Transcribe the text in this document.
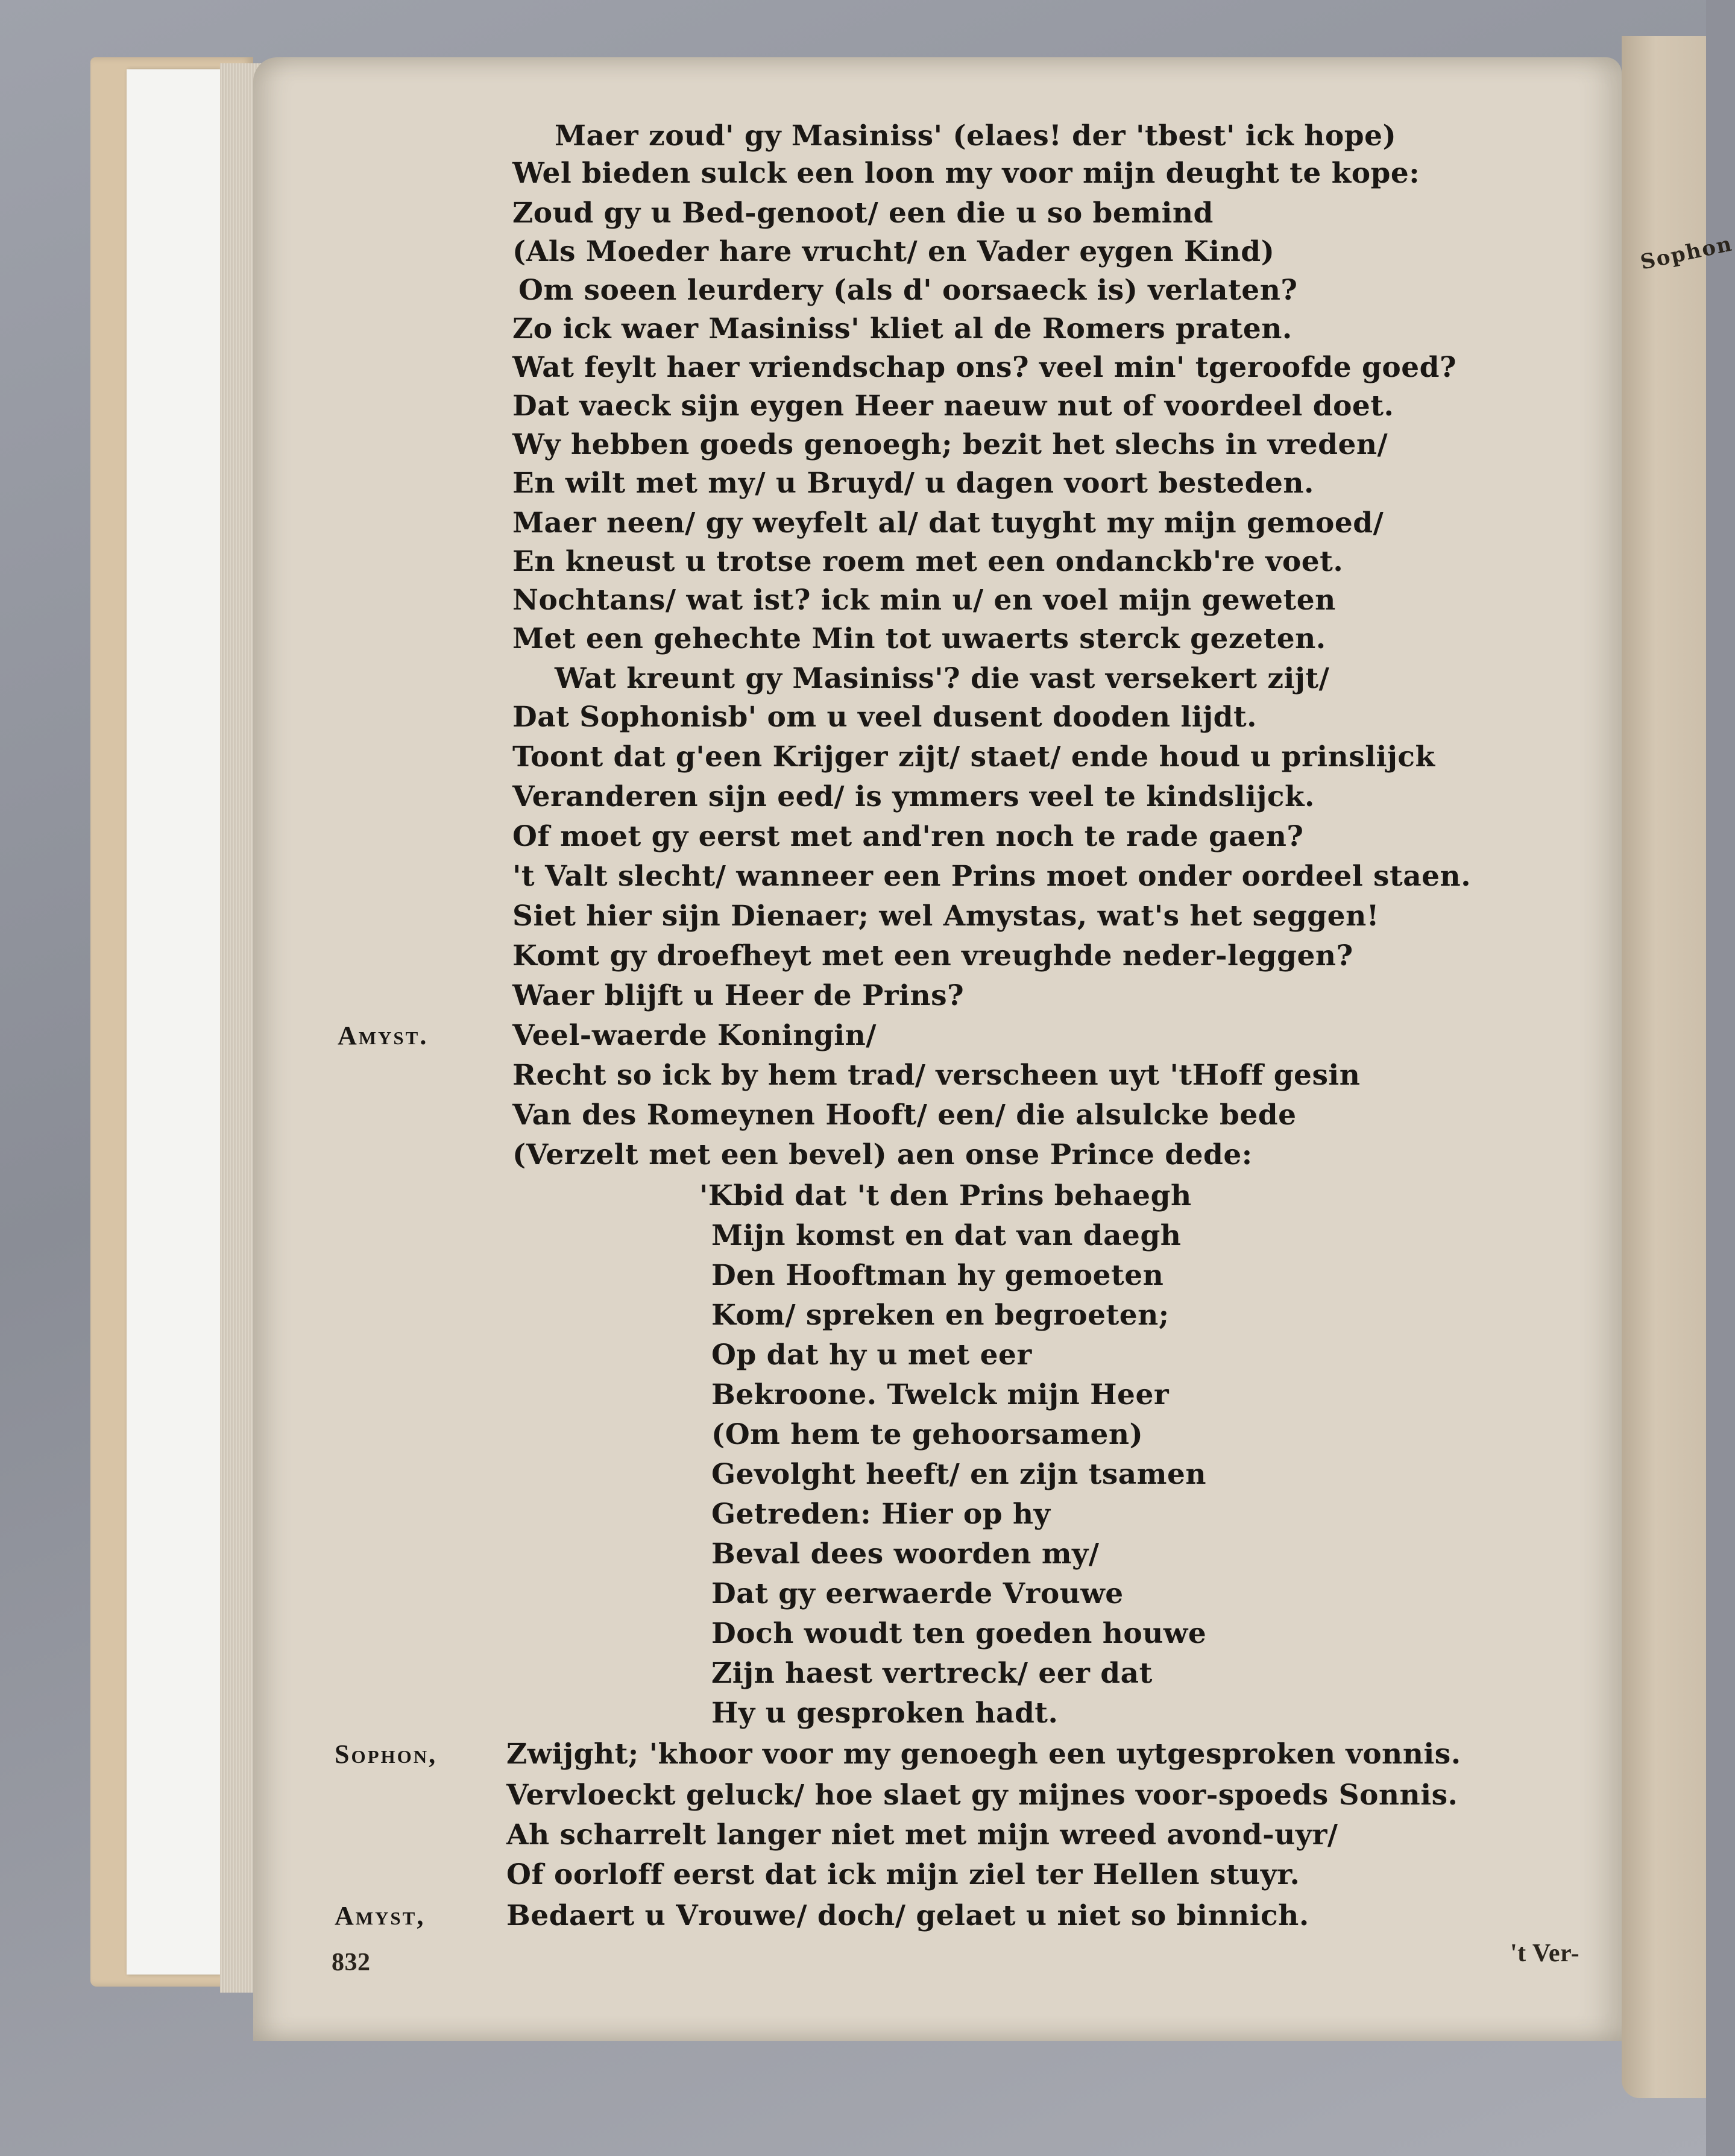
Sophon
Maer zoud' gy Masiniss' (elaes! der 'tbest' ick hope)
Wel bieden sulck een loon my voor mijn deught te kope:
Zoud gy u Bed-genoot/ een die u so bemind
(Als Moeder hare vrucht/ en Vader eygen Kind)
Om soeen leurdery (als d' oorsaeck is) verlaten?
Zo ick waer Masiniss' kliet al de Romers praten.
Wat feylt haer vriendschap ons? veel min' tgeroofde goed?
Dat vaeck sijn eygen Heer naeuw nut of voordeel doet.
Wy hebben goeds genoegh; bezit het slechs in vreden/
En wilt met my/ u Bruyd/ u dagen voort besteden.
Maer neen/ gy weyfelt al/ dat tuyght my mijn gemoed/
En kneust u trotse roem met een ondanckb're voet.
Nochtans/ wat ist? ick min u/ en voel mijn geweten
Met een gehechte Min tot uwaerts sterck gezeten.
Wat kreunt gy Masiniss'? die vast versekert zijt/
Dat Sophonisb' om u veel dusent dooden lijdt.
Toont dat g'een Krijger zijt/ staet/ ende houd u prinslijck
Veranderen sijn eed/ is ymmers veel te kindslijck.
Of moet gy eerst met and'ren noch te rade gaen?
't Valt slecht/ wanneer een Prins moet onder oordeel staen.
Siet hier sijn Dienaer; wel Amystas, wat's het seggen!
Komt gy droefheyt met een vreughde neder-leggen?
Waer blijft u Heer de Prins?
Amyst.	Veel-waerde Koningin/
Recht so ick by hem trad/ verscheen uyt 'tHoff gesin
Van des Romeynen Hooft/ een/ die alsulcke bede
(Verzelt met een bevel) aen onse Prince dede:
'Kbid dat 't den Prins behaegh
Mijn komst en dat van daegh
Den Hooftman hy gemoeten
Kom/ spreken en begroeten;
Op dat hy u met eer
Bekroone. Twelck mijn Heer
(Om hem te gehoorsamen)
Gevolght heeft/ en zijn tsamen
Getreden: Hier op hy
Beval dees woorden my/
Dat gy eerwaerde Vrouwe
Doch woudt ten goeden houwe
Zijn haest vertreck/ eer dat
Hy u gesproken hadt.
Sophon, Zwijght; 'khoor voor my genoegh een uytgesproken vonnis.
Vervloeckt geluck/ hoe slaet gy mijnes voor-spoeds Sonnis.
Ah scharrelt langer niet met mijn wreed avond-uyr/
Of oorloff eerst dat ick mijn ziel ter Hellen stuyr.
Amyst,	Bedaert u Vrouwe/ doch/ gelaet u niet so binnich.
832	't Ver-
